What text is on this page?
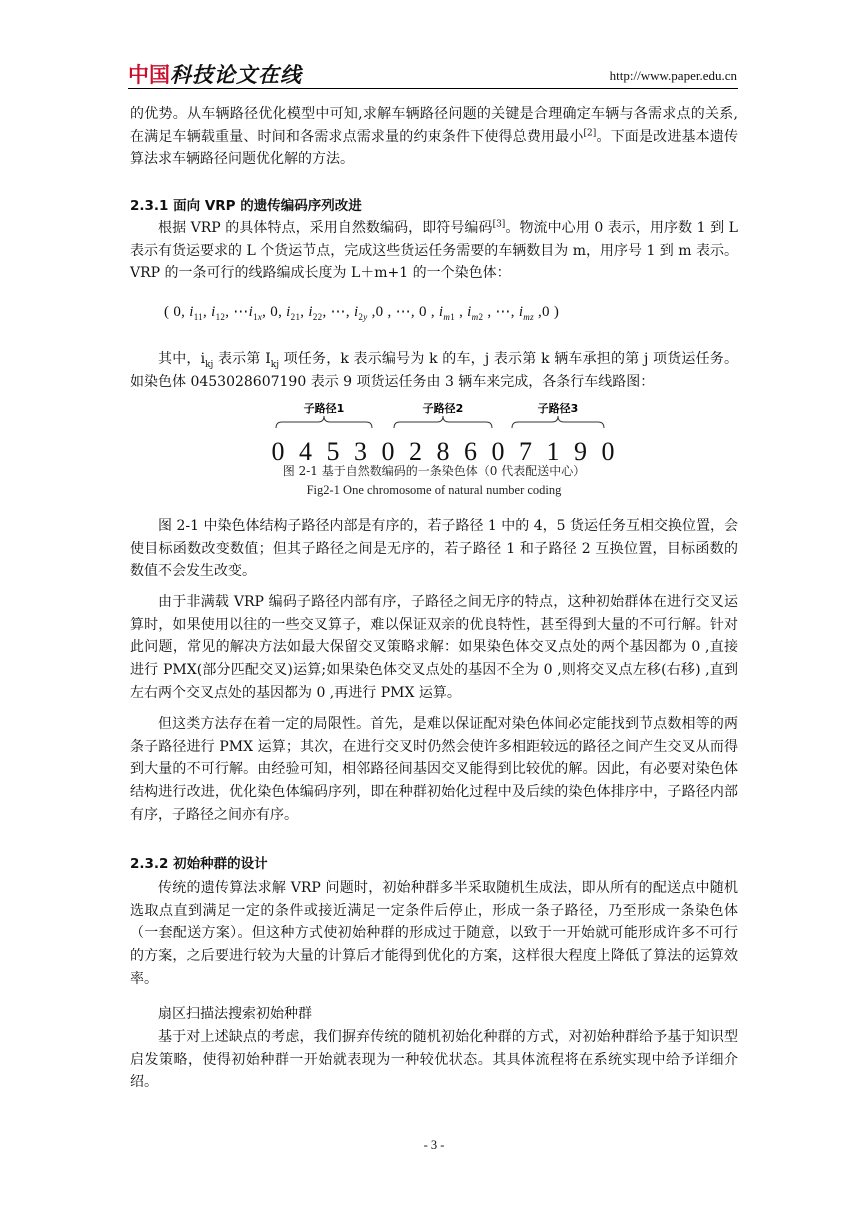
中国 科技论文在线	http://www.paper.edu.cn

的优势。从车辆路径优化模型中可知,求解车辆路径问题的关键是合理确定车辆与各需求点的关系,在满足车辆载重量、时间和各需求点需求量的约束条件下使得总费用最小[2]。下面是改进基本遗传算法求车辆路径问题优化解的方法。

2.3.1 面向 VRP 的遗传编码序列改进

根据 VRP 的具体特点，采用自然数编码，即符号编码[3]。物流中心用 0 表示，用序数 1 到 L 表示有货运要求的 L 个货运节点，完成这些货运任务需要的车辆数目为 m，用序号 1 到 m 表示。VRP 的一条可行的线路编成长度为 L＋m+1 的一个染色体：

( 0, $i_{11}$, $i_{12}$, $\cdots i_{1x}$, 0, $i_{21}$, $i_{22}$, ⋯, $i_{2y}$ ,0 , ⋯, 0 , $i_{m1}$ , $i_{m2}$ , ⋯, $i_{mz}$ ,0 )

其中，$i_{kj}$ 表示第 $I_{kj}$ 项任务，k 表示编号为 k 的车，j 表示第 k 辆车承担的第 j 项货运任务。如染色体 0453028607190 表示 9 项货运任务由 3 辆车来完成，各条行车线路图：

子路径1	子路径2	子路径3
0 4 5 3 0 2 8 6 0 7 1 9 0
图 2-1 基于自然数编码的一条染色体（0 代表配送中心）
Fig2-1 One chromosome of natural number coding

图 2-1 中染色体结构子路径内部是有序的，若子路径 1 中的 4，5 货运任务互相交换位置，会使目标函数改变数值；但其子路径之间是无序的，若子路径 1 和子路径 2 互换位置，目标函数的数值不会发生改变。

由于非满载 VRP 编码子路径内部有序，子路径之间无序的特点，这种初始群体在进行交叉运算时，如果使用以往的一些交叉算子，难以保证双亲的优良特性，甚至得到大量的不可行解。针对此问题，常见的解决方法如最大保留交叉策略求解：如果染色体交叉点处的两个基因都为 0 ,直接进行 PMX(部分匹配交叉)运算;如果染色体交叉点处的基因不全为 0 ,则将交叉点左移(右移) ,直到左右两个交叉点处的基因都为 0 ,再进行 PMX 运算。

但这类方法存在着一定的局限性。首先，是难以保证配对染色体间必定能找到节点数相等的两条子路径进行 PMX 运算；其次，在进行交叉时仍然会使许多相距较远的路径之间产生交叉从而得到大量的不可行解。由经验可知，相邻路径间基因交叉能得到比较优的解。因此，有必要对染色体结构进行改进，优化染色体编码序列，即在种群初始化过程中及后续的染色体排序中，子路径内部有序，子路径之间亦有序。

2.3.2 初始种群的设计

传统的遗传算法求解 VRP 问题时，初始种群多半采取随机生成法，即从所有的配送点中随机选取点直到满足一定的条件或接近满足一定条件后停止，形成一条子路径，乃至形成一条染色体（一套配送方案）。但这种方式使初始种群的形成过于随意，以致于一开始就可能形成许多不可行的方案，之后要进行较为大量的计算后才能得到优化的方案，这样很大程度上降低了算法的运算效率。

扇区扫描法搜索初始种群

基于对上述缺点的考虑，我们摒弃传统的随机初始化种群的方式，对初始种群给予基于知识型启发策略，使得初始种群一开始就表现为一种较优状态。其具体流程将在系统实现中给予详细介绍。

- 3 -
